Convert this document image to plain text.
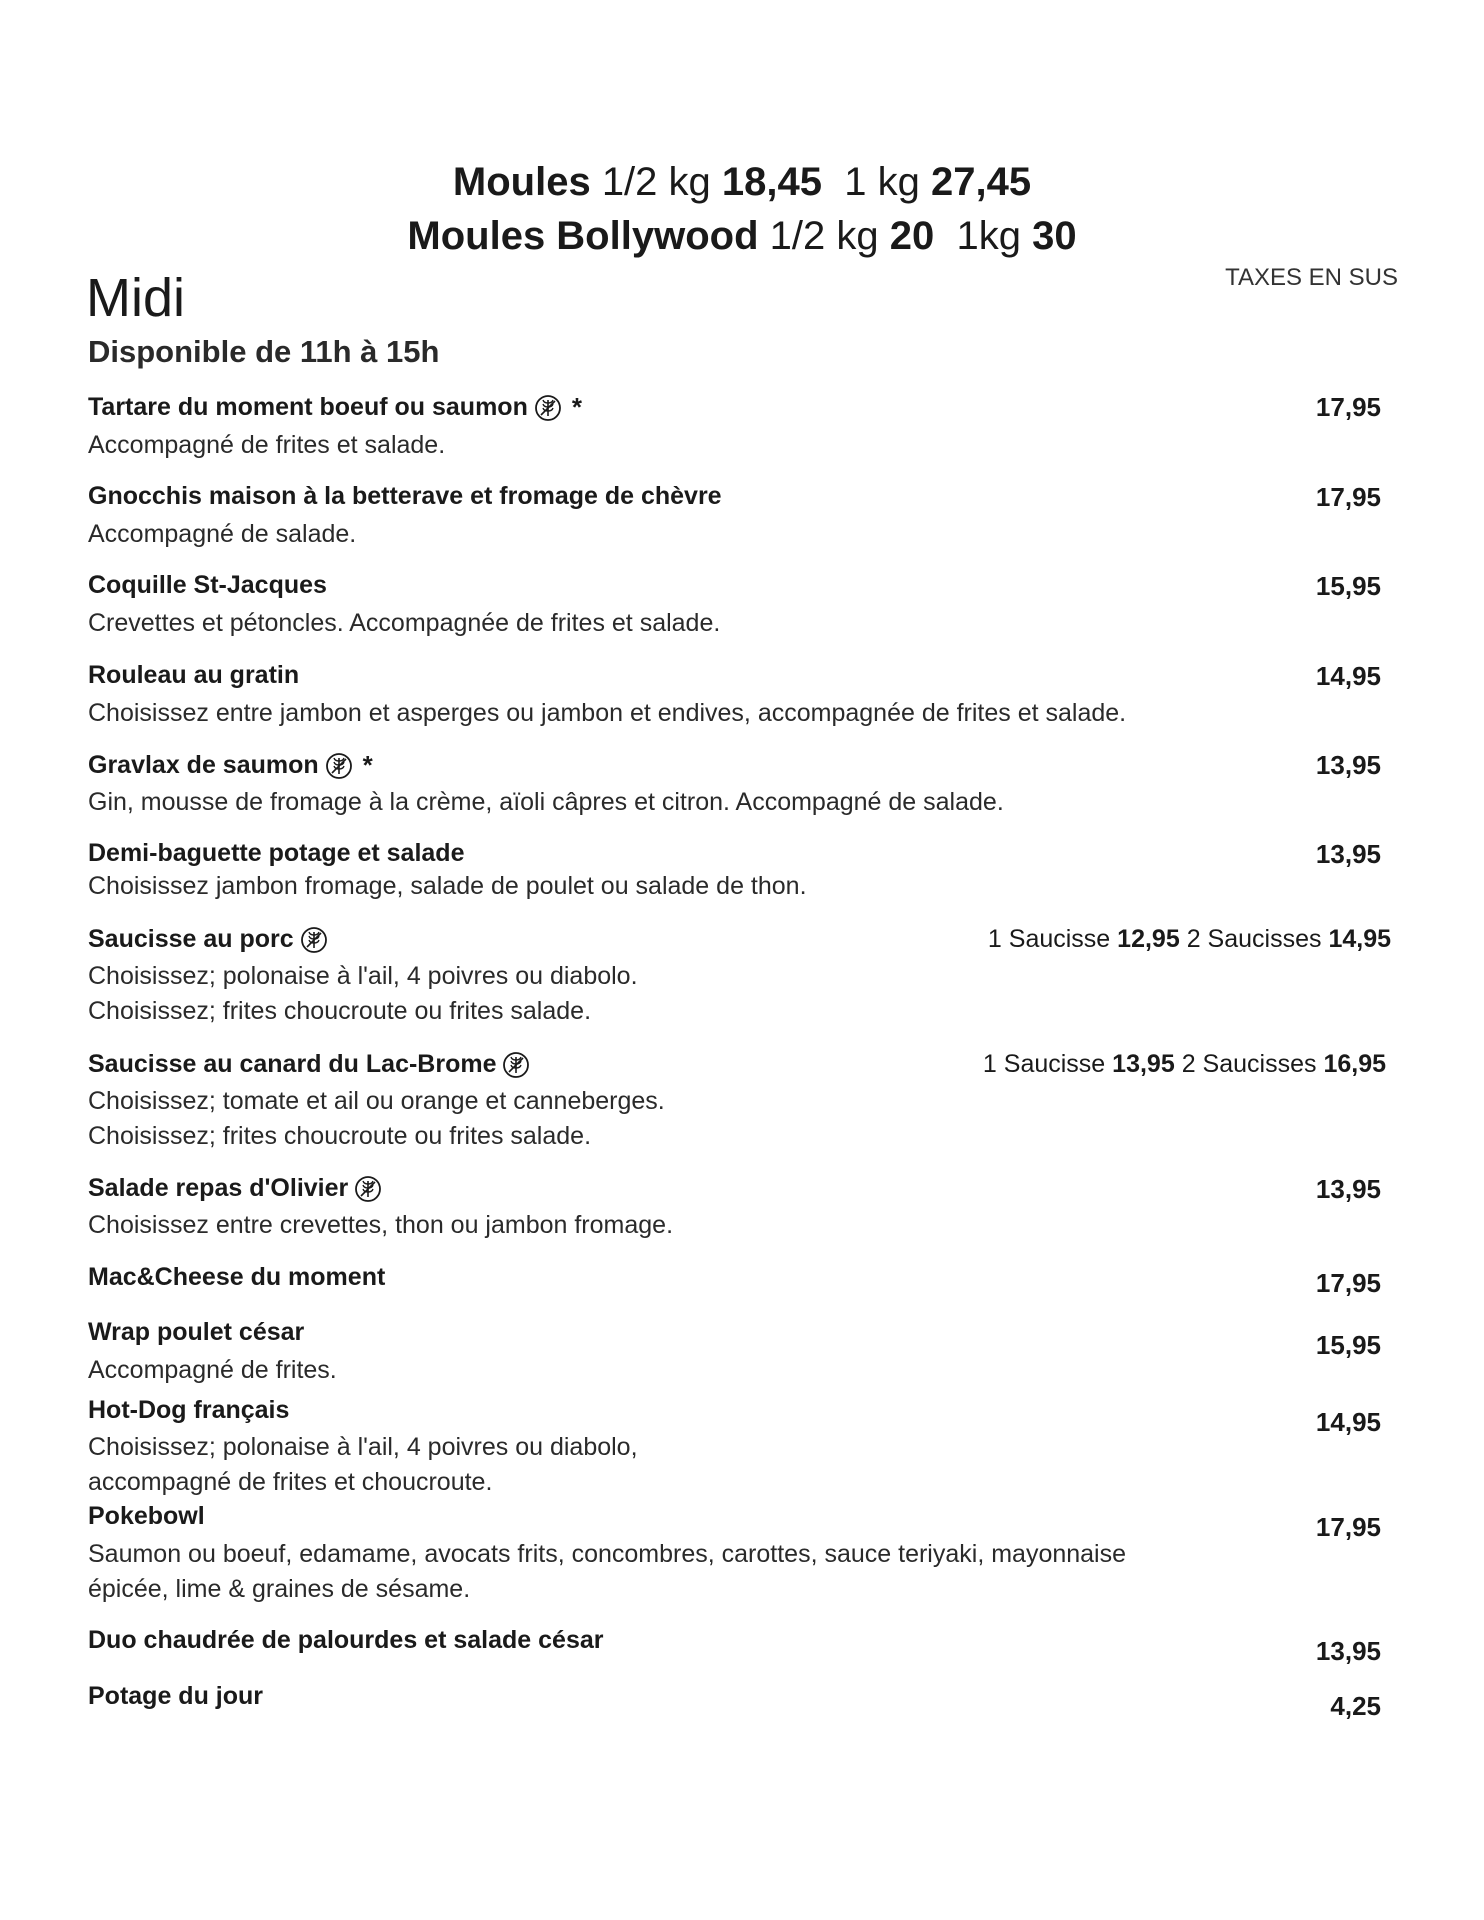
Moules 1/2 kg 18,45 1 kg 27,45
Moules Bollywood 1/2 kg 20 1kg 30
TAXES EN SUS
Midi
Disponible de 11h à 15h
Tartare du moment boeuf ou saumon *
Accompagné de frites et salade.
17,95
Gnocchis maison à la betterave et fromage de chèvre
Accompagné de salade.
17,95
Coquille St-Jacques
Crevettes et pétoncles. Accompagnée de frites et salade.
15,95
Rouleau au gratin
Choisissez entre jambon et asperges ou jambon et endives, accompagnée de frites et salade.
14,95
Gravlax de saumon *
Gin, mousse de fromage à la crème, aïoli câpres et citron. Accompagné de salade.
13,95
Demi-baguette potage et salade
Choisissez jambon fromage, salade de poulet ou salade de thon.
13,95
Saucisse au porc
Choisissez; polonaise à l'ail, 4 poivres ou diabolo.
Choisissez; frites choucroute ou frites salade.
1 Saucisse 12,95 2 Saucisses 14,95
Saucisse au canard du Lac-Brome
Choisissez; tomate et ail ou orange et canneberges.
Choisissez; frites choucroute ou frites salade.
1 Saucisse 13,95 2 Saucisses 16,95
Salade repas d'Olivier
Choisissez entre crevettes, thon ou jambon fromage.
13,95
Mac&Cheese du moment	17,95
Wrap poulet césar
Accompagné de frites.
15,95
Hot-Dog français
Choisissez; polonaise à l'ail, 4 poivres ou diabolo,
accompagné de frites et choucroute.
14,95
Pokebowl
Saumon ou boeuf, edamame, avocats frits, concombres, carottes, sauce teriyaki, mayonnaise
épicée, lime & graines de sésame.
17,95
Duo chaudrée de palourdes et salade césar	13,95
Potage du jour	4,25
